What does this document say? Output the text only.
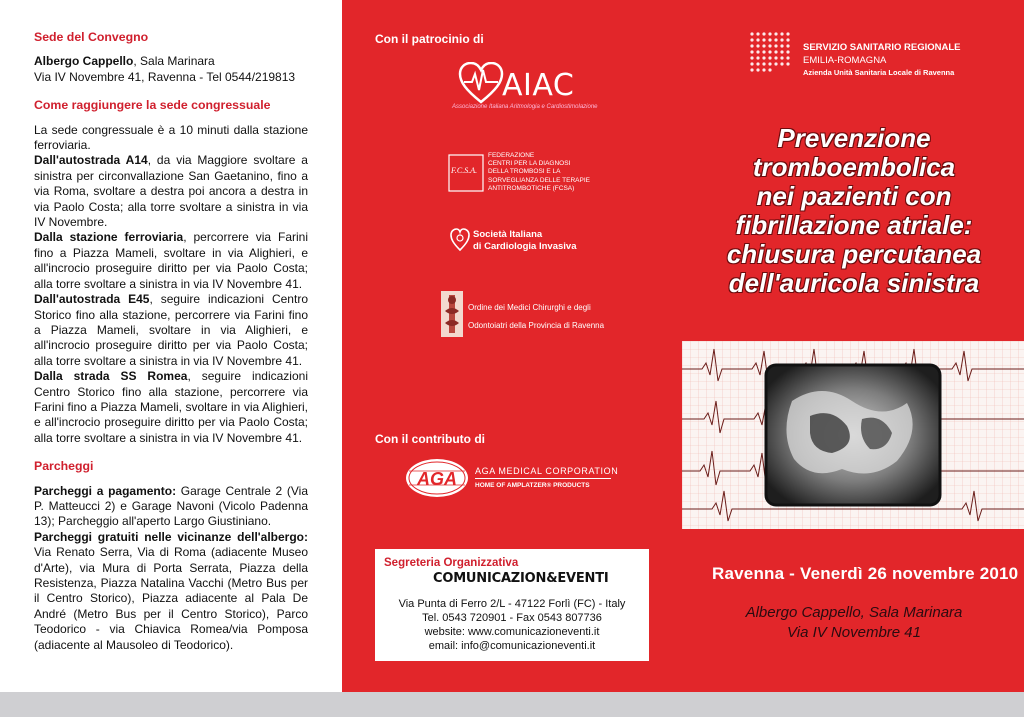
Sede del Convegno
Albergo Cappello, Sala Marinara
Via IV Novembre 41, Ravenna - Tel 0544/219813
Come raggiungere la sede congressuale
La sede congressuale è a 10 minuti dalla stazione ferroviaria.
Dall'autostrada A14, da via Maggiore svoltare a sinistra per circonvallazione San Gaetanino, fino a via Roma, svoltare a destra poi ancora a destra in via Paolo Costa; alla torre svoltare a sinistra in via IV Novembre.
Dalla stazione ferroviaria, percorrere via Farini fino a Piazza Mameli, svoltare in via Alighieri, e all'incrocio proseguire diritto per via Paolo Costa; alla torre svoltare a sinistra in via IV Novembre 41.
Dall'autostrada E45, seguire indicazioni Centro Storico fino alla stazione, percorrere via Farini fino a Piazza Mameli, svoltare in via Alighieri, e all'incrocio proseguire diritto per via Paolo Costa; alla torre svoltare a sinistra in via IV Novembre 41.
Dalla strada SS Romea, seguire indicazioni Centro Storico fino alla stazione, percorrere via Farini fino a Piazza Mameli, svoltare in via Alighieri, e all'incrocio proseguire diritto per via Paolo Costa; alla torre svoltare a sinistra in via IV Novembre 41.
Parcheggi
Parcheggi a pagamento: Garage Centrale 2 (Via P. Matteucci 2) e Garage Navoni (Vicolo Padenna 13); Parcheggio all'aperto Largo Giustiniano.
Parcheggi gratuiti nelle vicinanze dell'albergo: Via Renato Serra, Via di Roma (adiacente Museo d'Arte), via Mura di Porta Serrata, Piazza della Resistenza, Piazza Natalina Vacchi (Metro Bus per il Centro Storico), Piazza adiacente al Pala De André (Metro Bus per il Centro Storico), Parco Teodorico - via Chiavica Romea/via Pomposa (adiacente al Mausoleo di Teodorico).
Con il patrocinio di
AIAC
Associazione Italiana Aritmologia e Cardiostimolazione
F.C.S.A.
FEDERAZIONE
CENTRI PER LA DIAGNOSI
DELLA TROMBOSI E LA
SORVEGLIANZA DELLE TERAPIE
ANTITROMBOTICHE (FCSA)
Società Italiana
di Cardiologia Invasiva
Ordine dei Medici Chirurghi e degli
Odontoiatri della Provincia di Ravenna
Con il contributo di
AGA AGA MEDICAL CORPORATION
HOME OF AMPLATZER® PRODUCTS
Segreteria Organizzativa
COMUNICAZION&EVENTI
Via Punta di Ferro 2/L - 47122 Forlì (FC) - Italy
Tel. 0543 720901 - Fax 0543 807736
website: www.comunicazioneventi.it
email: info@comunicazioneventi.it
SERVIZIO SANITARIO REGIONALE
EMILIA-ROMAGNA
Azienda Unità Sanitaria Locale di Ravenna
Prevenzione
tromboembolica
nei pazienti con
fibrillazione atriale:
chiusura percutanea
dell'auricola sinistra
Ravenna - Venerdì 26 novembre 2010
Albergo Cappello, Sala Marinara
Via IV Novembre 41
